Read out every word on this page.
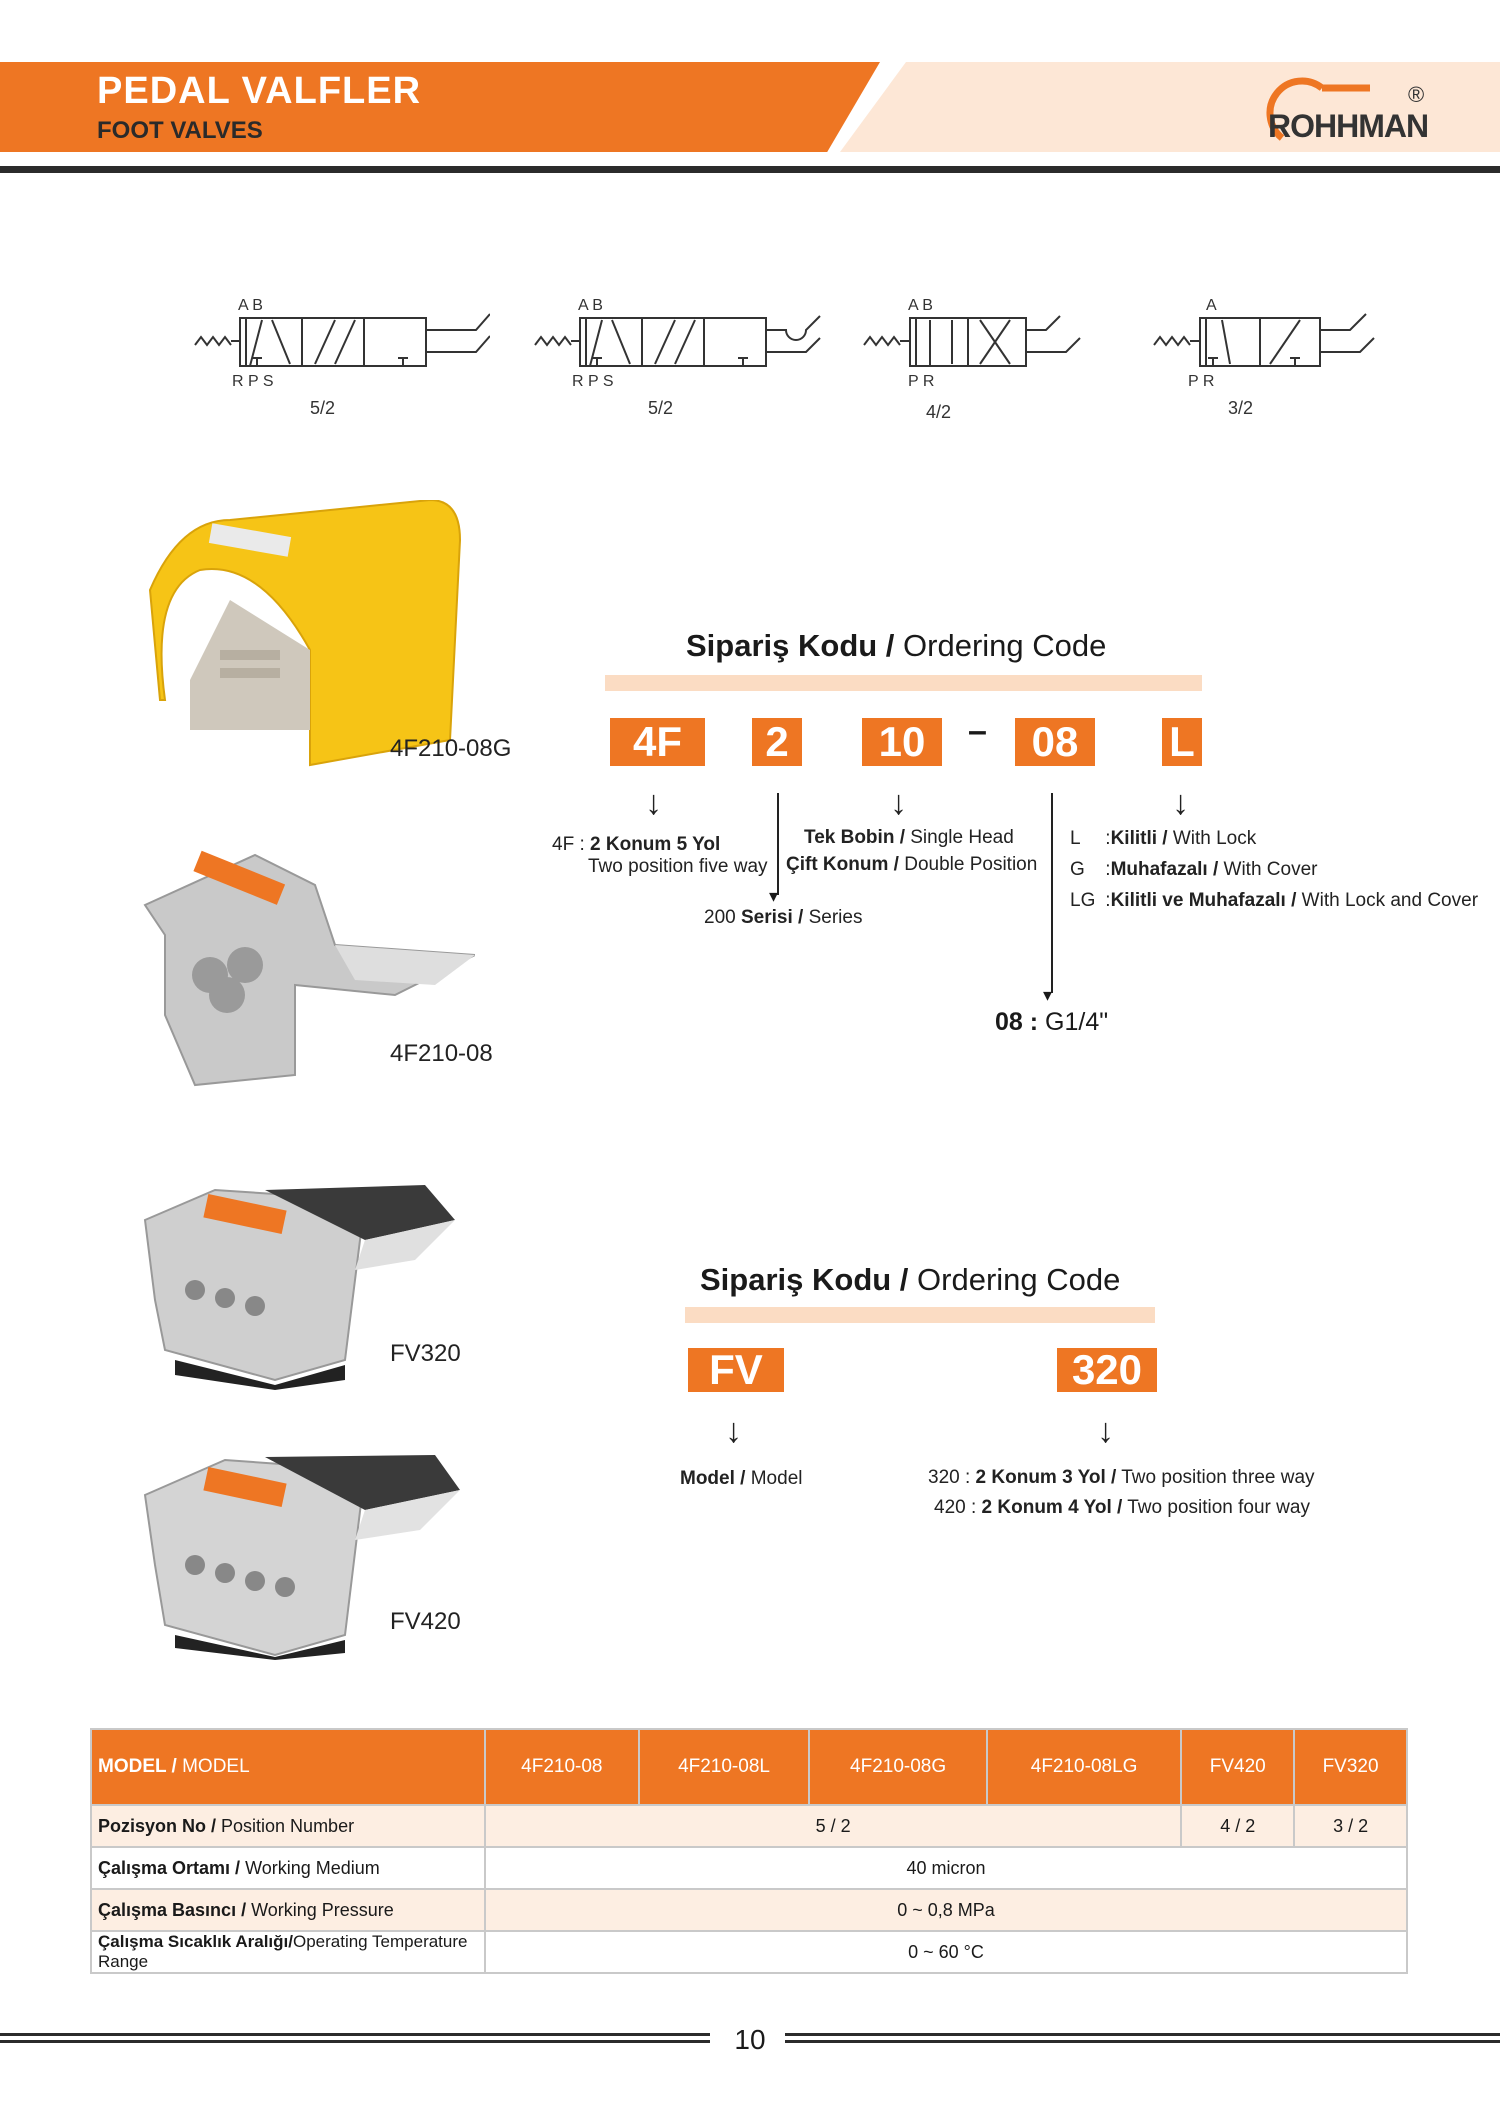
PEDAL VALFLER
FOOT VALVES	ROHHMAN
®
A B
R P S
5/2
A B
R P S
5/2
A B
P R
4/2
A
P R
3/2
4F210-08G
4F210-08
FV320
FV420
Sipariş Kodu / Ordering Code
4F	2	10	–	08	L
↓	↓	↓
▾
▾
4F : 2 Konum 5 Yol
Two position five way
200 Serisi / Series
Tek Bobin / Single Head
Çift Konum / Double Position
08 : G1/4"
L :Kilitli / With Lock
G :Muhafazalı / With Cover
LG :Kilitli ve Muhafazalı / With Lock and Cover
Sipariş Kodu / Ordering Code
FV	320
↓	↓
Model / Model	320 : 2 Konum 3 Yol / Two position three way
420 : 2 Konum 4 Yol / Two position four way
MODEL / MODEL	4F210-08	4F210-08L	4F210-08G	4F210-08LG	FV420	FV320
Pozisyon No / Position Number	5 / 2				4 / 2	3 / 2
Çalışma Ortamı / Working Medium	40 micron					
Çalışma Basıncı / Working Pressure	0 ~ 0,8 MPa					
Çalışma Sıcaklık Aralığı/Operating Temperature Range	0 ~ 60 °C					
10
